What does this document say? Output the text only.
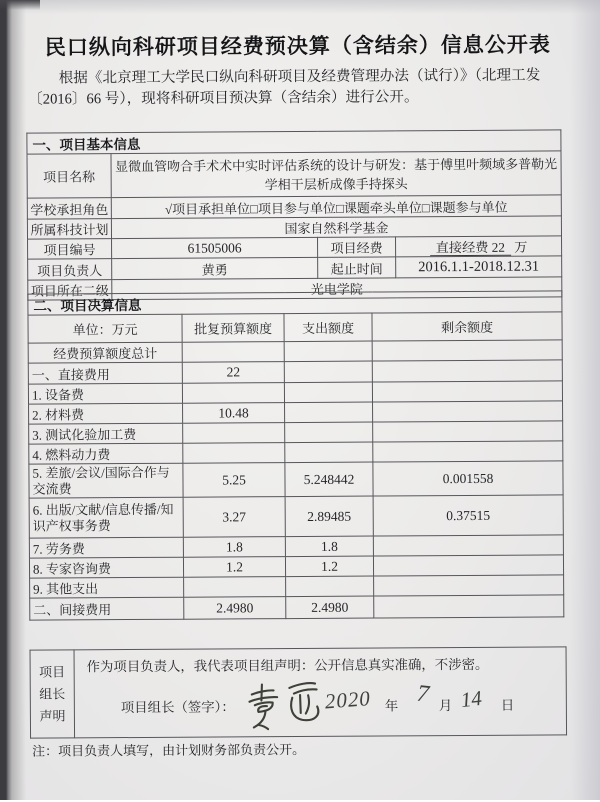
民口纵向科研项目经费预决算（含结余）信息公开表
根据《北京理工大学民口纵向科研项目及经费管理办法（试行）》（北理工发〔2016〕66 号），现将科研项目预决算（含结余）进行公开。
一、项目基本信息			
项目名称	显微血管吻合手术术中实时评估系统的设计与研发：基于傅里叶频域多普勒光学相干层析成像手持探头		
学校承担角色	√项目承担单位□项目参与单位□课题牵头单位□课题参与单位		
所属科技计划	国家自然科学基金		
项目编号	61505006	项目经费	直接经费 22 万
项目负责人	黄勇	起止时间	2016.1.1-2018.12.31
项目所在二级	光电学院		
二、项目决算信息			
单位：万元	批复预算额度	支出额度	剩余额度
经费预算额度总计			
一、直接费用	22		
1. 设备费			
2. 材料费	10.48		
3. 测试化验加工费			
4. 燃料动力费			
5. 差旅/会议/国际合作与交流费	5.25	5.248442	0.001558
6. 出版/文献/信息传播/知识产权事务费	3.27	2.89485	0.37515
7. 劳务费	1.8	1.8	
8. 专家咨询费	1.2	1.2	
9. 其他支出			
二、间接费用	2.4980	2.4980	
项目
组长
声明

作为项目负责人，我代表项目组声明：公开信息真实准确，不涉密。
项目组长（签字）：	2020 年 7 月 14 日
注：项目负责人填写，由计划财务部负责公开。
